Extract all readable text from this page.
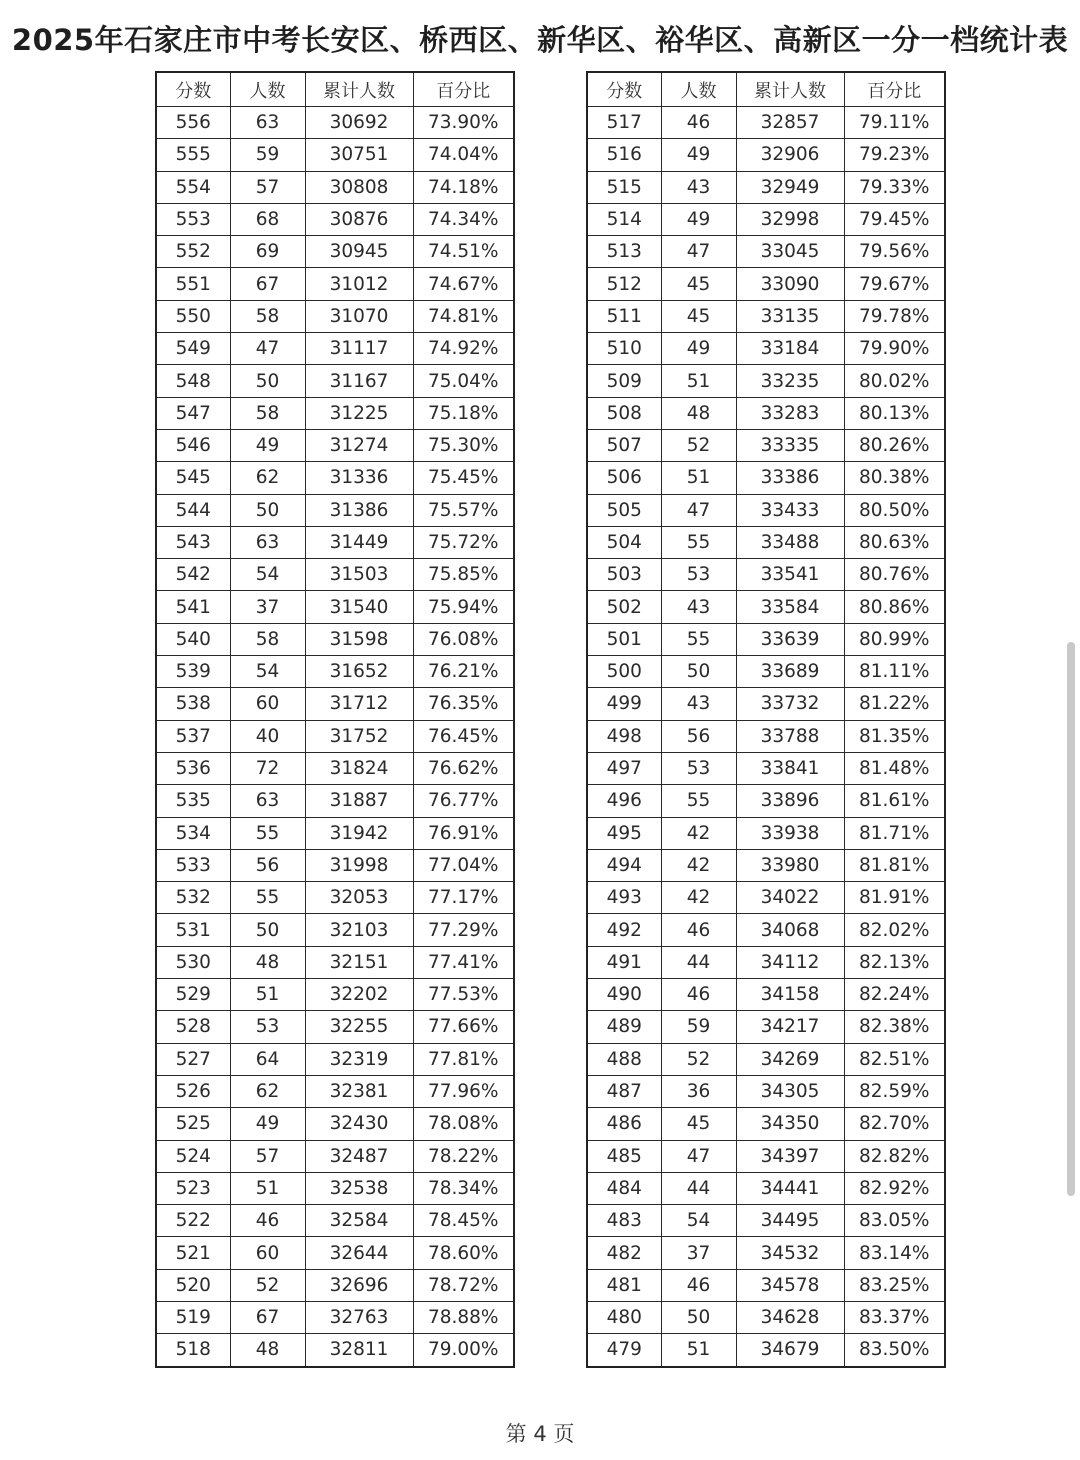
2025年石家庄市中考长安区、桥西区、新华区、裕华区、高新区一分一档统计表
分数	人数	累计人数	百分比
556	63	30692	73.90%
555	59	30751	74.04%
554	57	30808	74.18%
553	68	30876	74.34%
552	69	30945	74.51%
551	67	31012	74.67%
550	58	31070	74.81%
549	47	31117	74.92%
548	50	31167	75.04%
547	58	31225	75.18%
546	49	31274	75.30%
545	62	31336	75.45%
544	50	31386	75.57%
543	63	31449	75.72%
542	54	31503	75.85%
541	37	31540	75.94%
540	58	31598	76.08%
539	54	31652	76.21%
538	60	31712	76.35%
537	40	31752	76.45%
536	72	31824	76.62%
535	63	31887	76.77%
534	55	31942	76.91%
533	56	31998	77.04%
532	55	32053	77.17%
531	50	32103	77.29%
530	48	32151	77.41%
529	51	32202	77.53%
528	53	32255	77.66%
527	64	32319	77.81%
526	62	32381	77.96%
525	49	32430	78.08%
524	57	32487	78.22%
523	51	32538	78.34%
522	46	32584	78.45%
521	60	32644	78.60%
520	52	32696	78.72%
519	67	32763	78.88%
518	48	32811	79.00%
分数	人数	累计人数	百分比
517	46	32857	79.11%
516	49	32906	79.23%
515	43	32949	79.33%
514	49	32998	79.45%
513	47	33045	79.56%
512	45	33090	79.67%
511	45	33135	79.78%
510	49	33184	79.90%
509	51	33235	80.02%
508	48	33283	80.13%
507	52	33335	80.26%
506	51	33386	80.38%
505	47	33433	80.50%
504	55	33488	80.63%
503	53	33541	80.76%
502	43	33584	80.86%
501	55	33639	80.99%
500	50	33689	81.11%
499	43	33732	81.22%
498	56	33788	81.35%
497	53	33841	81.48%
496	55	33896	81.61%
495	42	33938	81.71%
494	42	33980	81.81%
493	42	34022	81.91%
492	46	34068	82.02%
491	44	34112	82.13%
490	46	34158	82.24%
489	59	34217	82.38%
488	52	34269	82.51%
487	36	34305	82.59%
486	45	34350	82.70%
485	47	34397	82.82%
484	44	34441	82.92%
483	54	34495	83.05%
482	37	34532	83.14%
481	46	34578	83.25%
480	50	34628	83.37%
479	51	34679	83.50%
第 4 页
